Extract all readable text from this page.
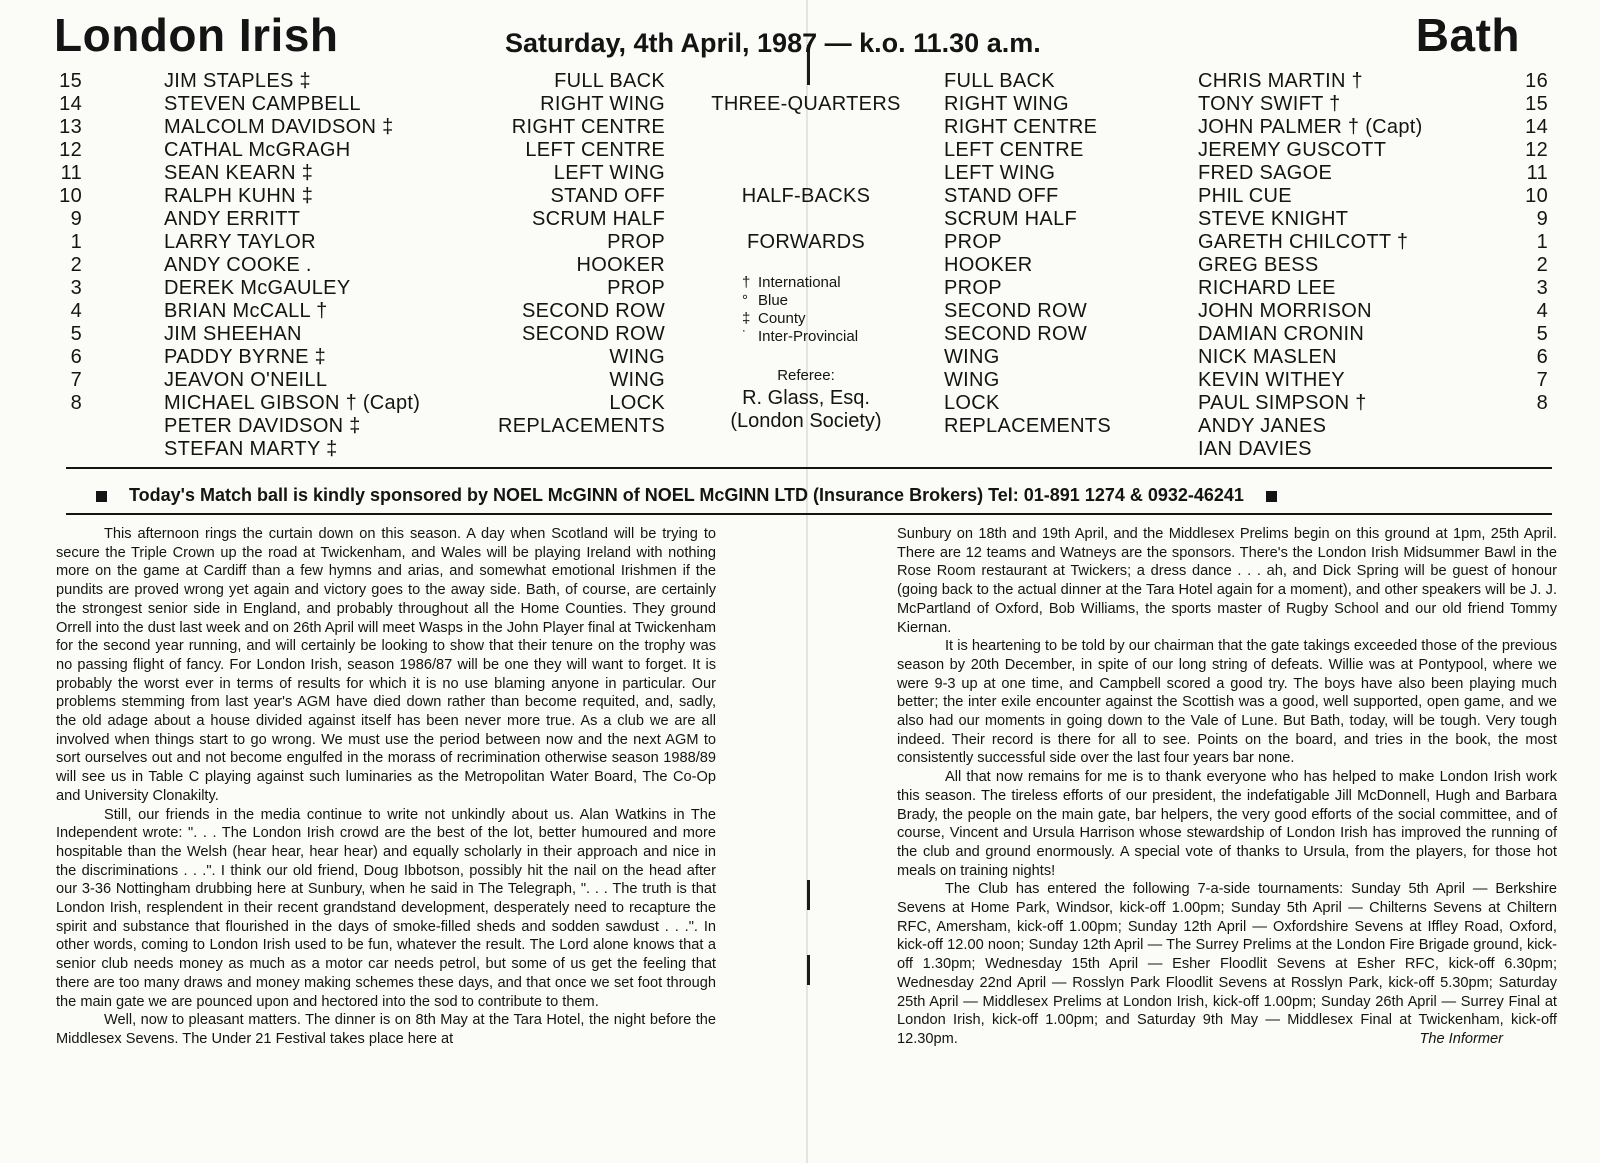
London Irish	Saturday, 4th April, 1987 — k.o. 11.30 a.m.	Bath
15	JIM STAPLES ‡	FULL BACK	FULL BACK	CHRIS MARTIN †	16
14	STEVEN CAMPBELL	RIGHT WING	THREE-QUARTERS	RIGHT WING	TONY SWIFT †	15
13	MALCOLM DAVIDSON ‡	RIGHT CENTRE	RIGHT CENTRE	JOHN PALMER † (Capt)	14
12	CATHAL McGRAGH	LEFT CENTRE	LEFT CENTRE	JEREMY GUSCOTT	12
11	SEAN KEARN ‡	LEFT WING	LEFT WING	FRED SAGOE	11
10	RALPH KUHN ‡	STAND OFF	HALF-BACKS	STAND OFF	PHIL CUE	10
9	ANDY ERRITT	SCRUM HALF	SCRUM HALF	STEVE KNIGHT	9
1	LARRY TAYLOR	PROP	FORWARDS	PROP	GARETH CHILCOTT †	1
2	ANDY COOKE .	HOOKER	HOOKER	GREG BESS	2
3	DEREK McGAULEY	PROP	PROP	RICHARD LEE	3
4	BRIAN McCALL †	SECOND ROW	SECOND ROW	JOHN MORRISON	4
5	JIM SHEEHAN	SECOND ROW	SECOND ROW	DAMIAN CRONIN	5
6	PADDY BYRNE ‡	WING	WING	NICK MASLEN	6
7	JEAVON O'NEILL	WING	WING	KEVIN WITHEY	7
8	MICHAEL GIBSON † (Capt)	LOCK	LOCK	PAUL SIMPSON †	8
PETER DAVIDSON ‡	REPLACEMENTS	REPLACEMENTS	ANDY JANES
STEFAN MARTY ‡	IAN DAVIES
† International
° Blue
‡ County
˙ Inter-Provincial
Referee:
R. Glass, Esq.
(London Society)
Today's Match ball is kindly sponsored by NOEL McGINN of NOEL McGINN LTD (Insurance Brokers) Tel: 01-891 1274 & 0932-46241

This afternoon rings the curtain down on this season. A day when Scotland will be trying to secure the Triple Crown up the road at Twickenham, and Wales will be playing Ireland with nothing more on the game at Cardiff than a few hymns and arias, and somewhat emotional Irishmen if the pundits are proved wrong yet again and victory goes to the away side. Bath, of course, are certainly the strongest senior side in England, and probably throughout all the Home Counties. They ground Orrell into the dust last week and on 26th April will meet Wasps in the John Player final at Twickenham for the second year running, and will certainly be looking to show that their tenure on the trophy was no passing flight of fancy. For London Irish, season 1986/87 will be one they will want to forget. It is probably the worst ever in terms of results for which it is no use blaming anyone in particular. Our problems stemming from last year's AGM have died down rather than become requited, and, sadly, the old adage about a house divided against itself has been never more true. As a club we are all involved when things start to go wrong. We must use the period between now and the next AGM to sort ourselves out and not become engulfed in the morass of recrimination otherwise season 1988/89 will see us in Table C playing against such luminaries as the Metropolitan Water Board, The Co-Op and University Clonakilty.

Still, our friends in the media continue to write not unkindly about us. Alan Watkins in The Independent wrote: ". . . The London Irish crowd are the best of the lot, better humoured and more hospitable than the Welsh (hear hear, hear hear) and equally scholarly in their approach and nice in the discriminations . . .". I think our old friend, Doug Ibbotson, possibly hit the nail on the head after our 3-36 Nottingham drubbing here at Sunbury, when he said in The Telegraph, ". . . The truth is that London Irish, resplendent in their recent grandstand development, desperately need to recapture the spirit and substance that flourished in the days of smoke-filled sheds and sodden sawdust . . .". In other words, coming to London Irish used to be fun, whatever the result. The Lord alone knows that a senior club needs money as much as a motor car needs petrol, but some of us get the feeling that there are too many draws and money making schemes these days, and that once we set foot through the main gate we are pounced upon and hectored into the sod to contribute to them.

Well, now to pleasant matters. The dinner is on 8th May at the Tara Hotel, the night before the Middlesex Sevens. The Under 21 Festival takes place here at

Sunbury on 18th and 19th April, and the Middlesex Prelims begin on this ground at 1pm, 25th April. There are 12 teams and Watneys are the sponsors. There's the London Irish Midsummer Bawl in the Rose Room restaurant at Twickers; a dress dance . . . ah, and Dick Spring will be guest of honour (going back to the actual dinner at the Tara Hotel again for a moment), and other speakers will be J. J. McPartland of Oxford, Bob Williams, the sports master of Rugby School and our old friend Tommy Kiernan.

It is heartening to be told by our chairman that the gate takings exceeded those of the previous season by 20th December, in spite of our long string of defeats. Willie was at Pontypool, where we were 9-3 up at one time, and Campbell scored a good try. The boys have also been playing much better; the inter exile encounter against the Scottish was a good, well supported, open game, and we also had our moments in going down to the Vale of Lune. But Bath, today, will be tough. Very tough indeed. Their record is there for all to see. Points on the board, and tries in the book, the most consistently successful side over the last four years bar none.

All that now remains for me is to thank everyone who has helped to make London Irish work this season. The tireless efforts of our president, the indefatigable Jill McDonnell, Hugh and Barbara Brady, the people on the main gate, bar helpers, the very good efforts of the social committee, and of course, Vincent and Ursula Harrison whose stewardship of London Irish has improved the running of the club and ground enormously. A special vote of thanks to Ursula, from the players, for those hot meals on training nights!

The Club has entered the following 7-a-side tournaments: Sunday 5th April — Berkshire Sevens at Home Park, Windsor, kick-off 1.00pm; Sunday 5th April — Chilterns Sevens at Chiltern RFC, Amersham, kick-off 1.00pm; Sunday 12th April — Oxfordshire Sevens at Iffley Road, Oxford, kick-off 12.00 noon; Sunday 12th April — The Surrey Prelims at the London Fire Brigade ground, kick-off 1.30pm; Wednesday 15th April — Esher Floodlit Sevens at Esher RFC, kick-off 6.30pm; Wednesday 22nd April — Rosslyn Park Floodlit Sevens at Rosslyn Park, kick-off 5.30pm; Saturday 25th April — Middlesex Prelims at London Irish, kick-off 1.00pm; Sunday 26th April — Surrey Final at London Irish, kick-off 1.00pm; and Saturday 9th May — Middlesex Final at Twickenham, kick-off 12.30pm.	The Informer
